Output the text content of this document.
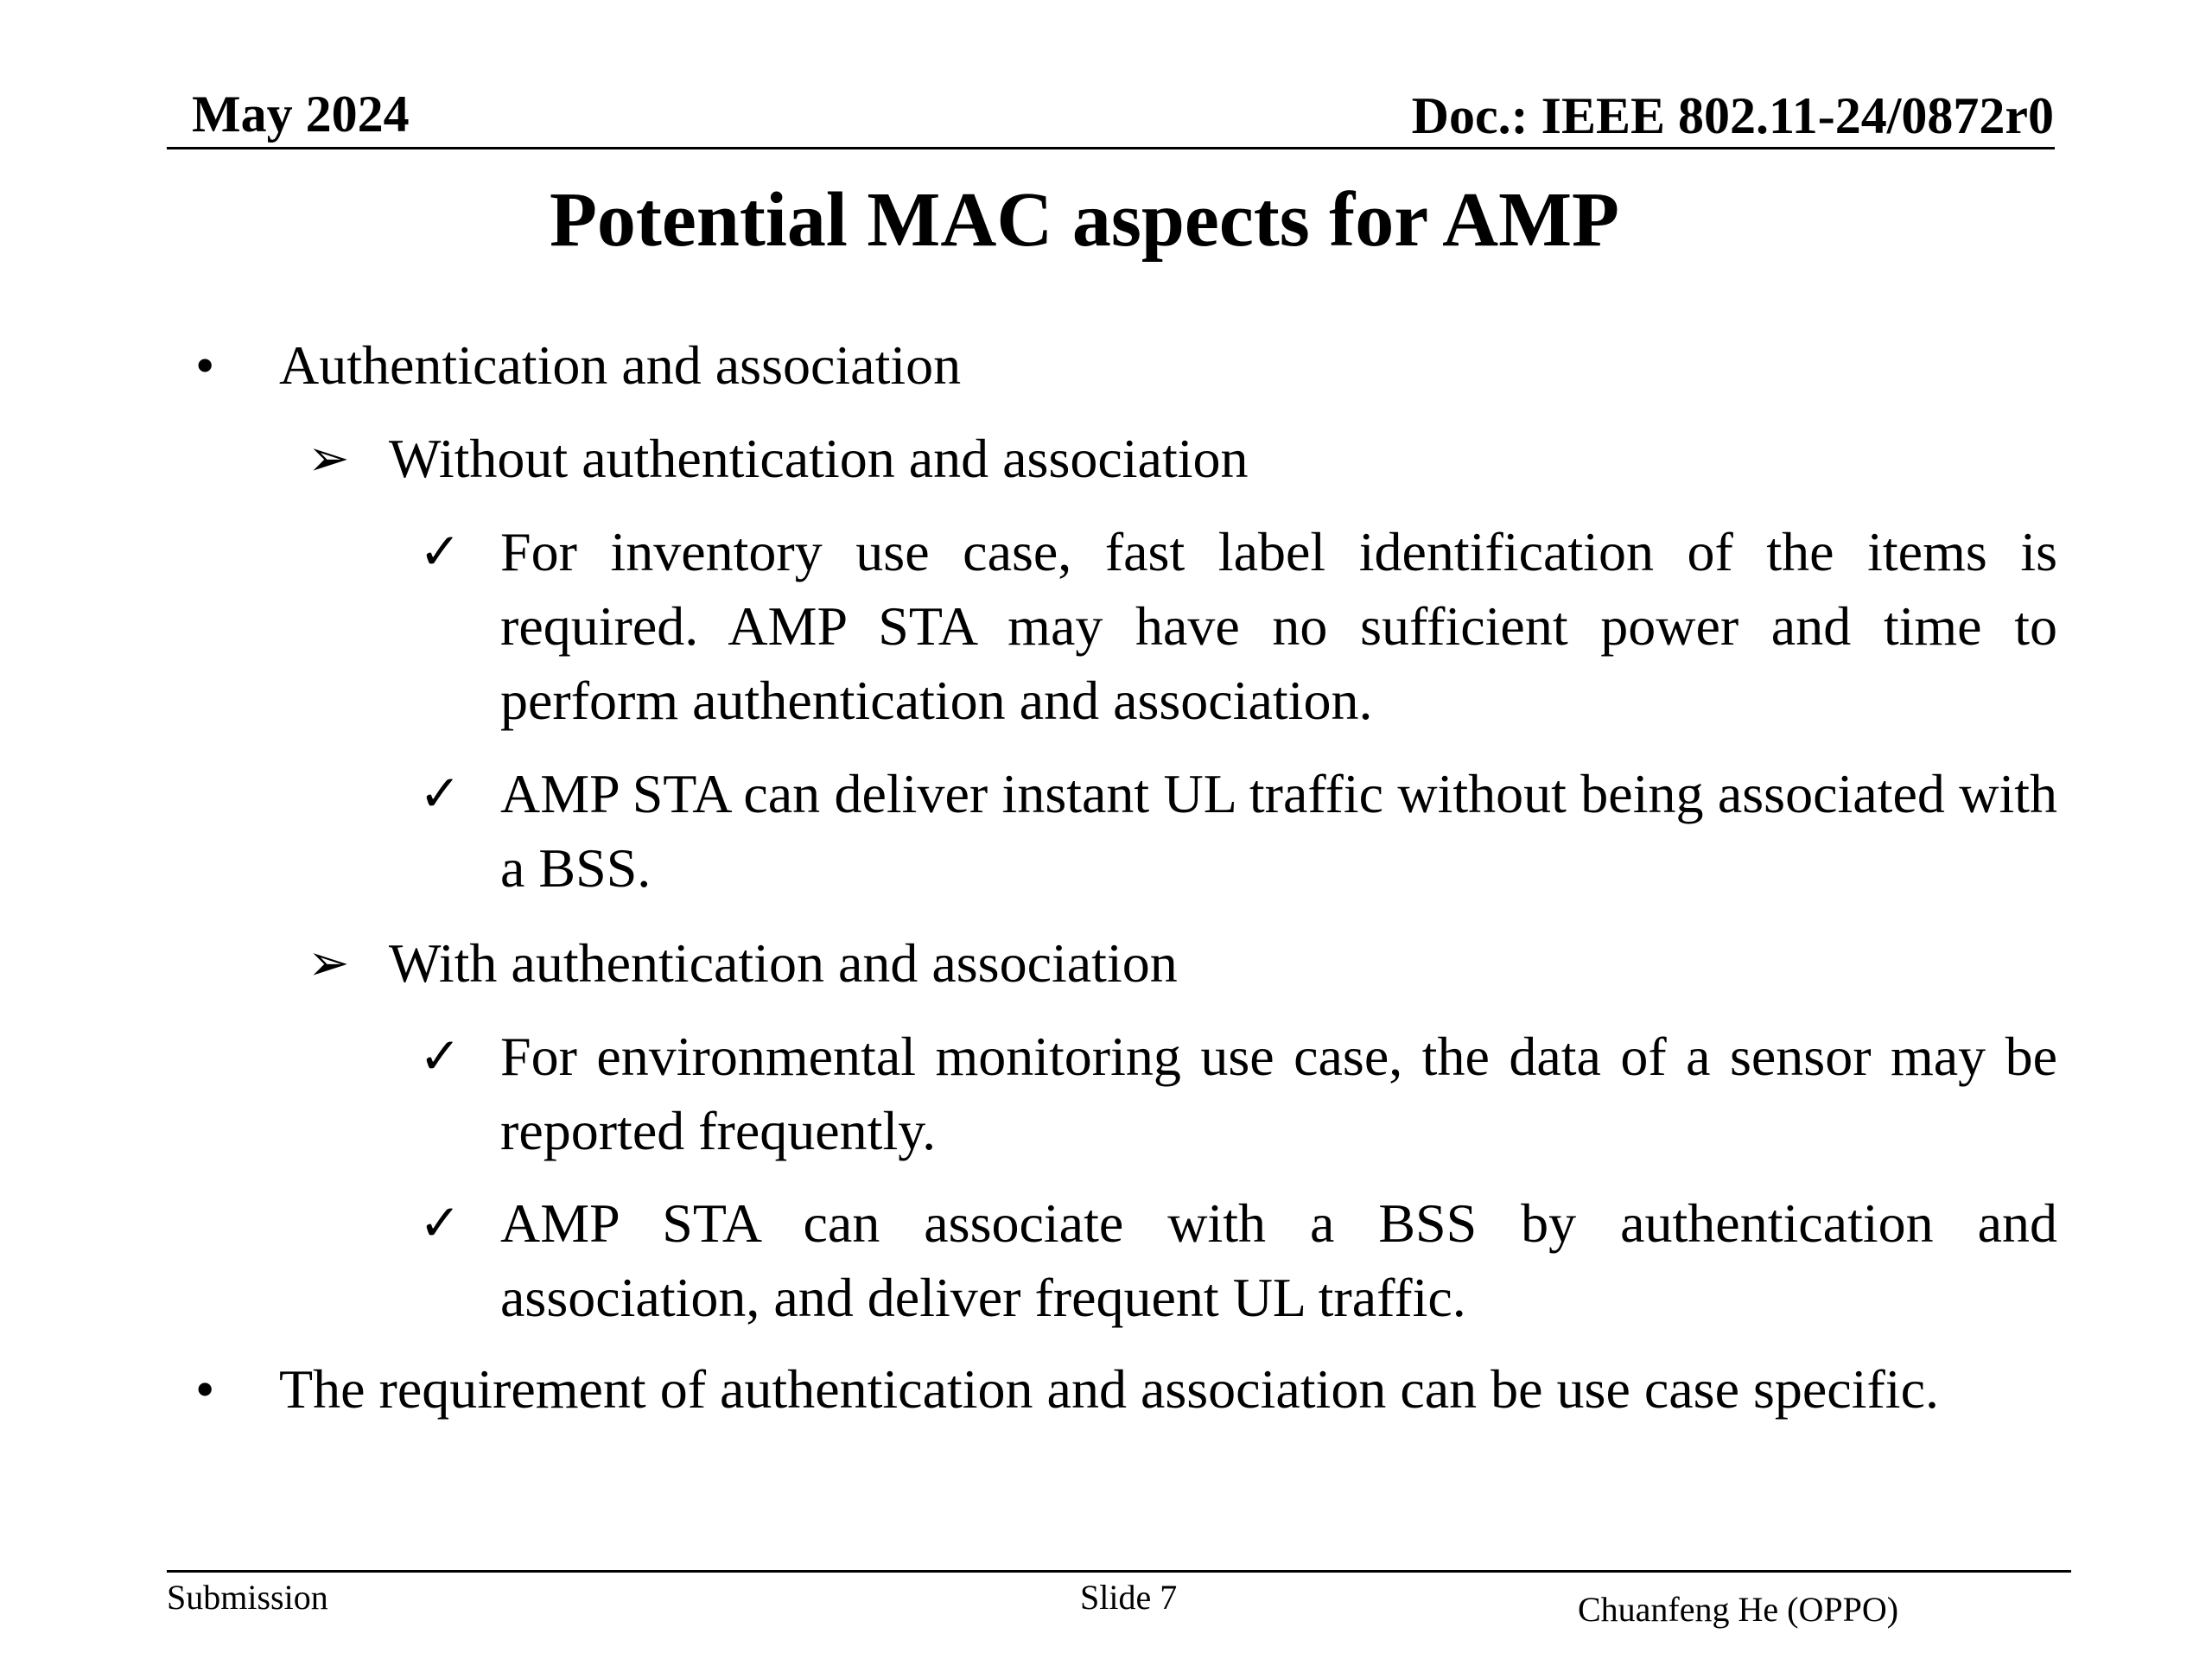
May 2024	Doc.: IEEE 802.11-24/0872r0
Potential MAC aspects for AMP
• Authentication and association
➢ Without authentication and association
✓ For inventory use case, fast label identification of the items is required. AMP STA may have no sufficient power and time to perform authentication and association.
✓ AMP STA can deliver instant UL traffic without being associated with a BSS.
➢ With authentication and association
✓ For environmental monitoring use case, the data of a sensor may be reported frequently.
✓ AMP STA can associate with a BSS by authentication and association, and deliver frequent UL traffic.
• The requirement of authentication and association can be use case specific.
Submission	Slide 7	Chuanfeng He (OPPO)
